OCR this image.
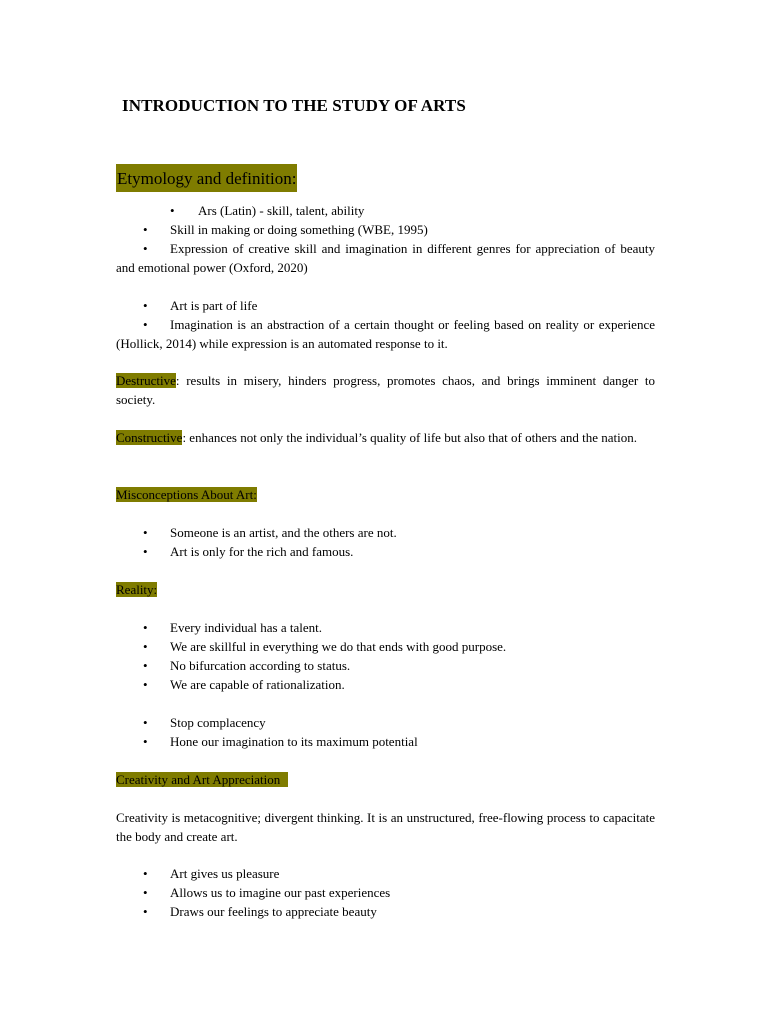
INTRODUCTION TO THE STUDY OF ARTS
Etymology and definition:
•	Ars (Latin) - skill, talent, ability
•	Skill in making or doing something (WBE, 1995)
•	Expression of creative skill and imagination in different genres for appreciation of beauty and emotional power (Oxford, 2020)
•	Art is part of life
•	Imagination is an abstraction of a certain thought or feeling based on reality or experience (Hollick, 2014) while expression is an automated response to it.
Destructive: results in misery, hinders progress, promotes chaos, and brings imminent danger to society.
Constructive: enhances not only the individual’s quality of life but also that of others and the nation.
Misconceptions About Art:
•	Someone is an artist, and the others are not.
•	Art is only for the rich and famous.
Reality:
•	Every individual has a talent.
•	We are skillful in everything we do that ends with good purpose.
•	No bifurcation according to status.
•	We are capable of rationalization.
•	Stop complacency
•	Hone our imagination to its maximum potential
Creativity and Art Appreciation
Creativity is metacognitive; divergent thinking. It is an unstructured, free-flowing process to capacitate the body and create art.
•	Art gives us pleasure
•	Allows us to imagine our past experiences
•	Draws our feelings to appreciate beauty
